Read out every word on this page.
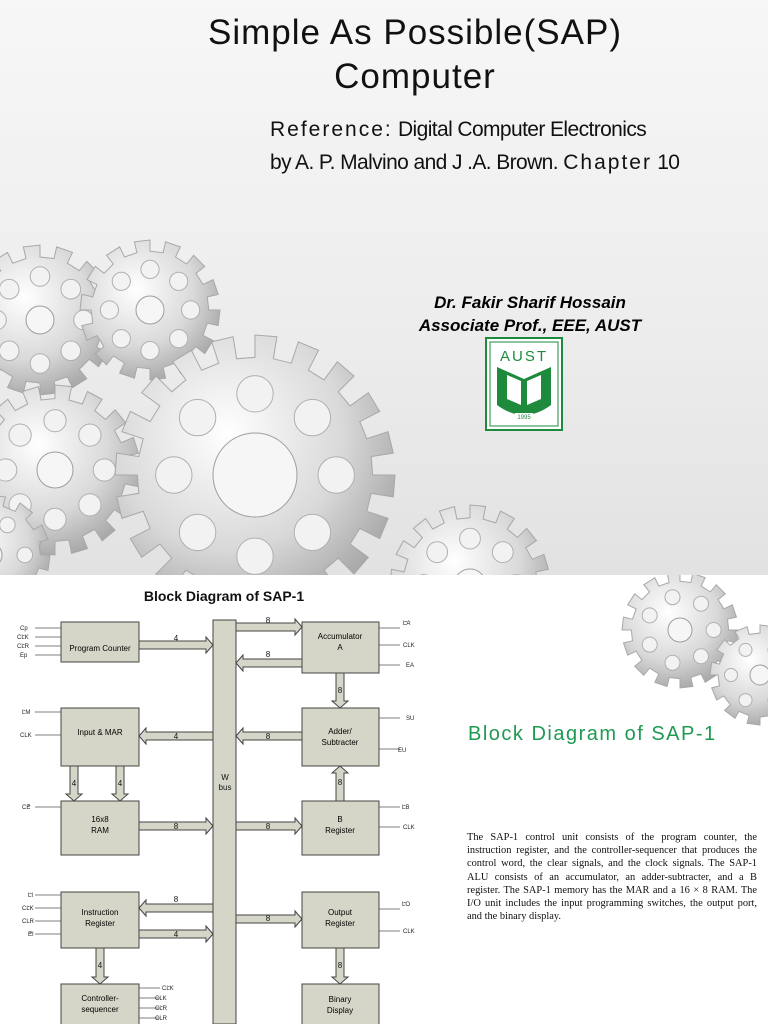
Simple As Possible(SAP)
Computer
Reference: Digital Computer Electronics
by A. P. Malvino and J .A. Brown. Chapter 10
Dr. Fakir Sharif Hossain
Associate Prof., EEE, AUST
AUST
1995
Block Diagram of SAP-1
W
bus
Program Counter
Input & MAR
16x8
RAM
Instruction
Register
Controller-
sequencer
Accumulator
A
Adder/
Subtracter
B
Register
Output
Register
Binary
Display
4
8
8
8
4	8
4	4	8
8	8
8
4
8
4	8
Cp
CLK
CLR
Ep
LM
CLK
CE
LI
CLK
CLR
EI
CLK
CLK
CLR
CLR
LA
CLK
EA
SU
EU
LB
CLK
LO
CLK
Block Diagram of SAP-1
The SAP-1 control unit consists of the program counter, the instruction register, and the controller-sequencer that produces the control word, the clear signals, and the clock signals. The SAP-1 ALU consists of an accumulator, an adder-subtracter, and a B register. The SAP-1 memory has the MAR and a 16 × 8 RAM. The I/O unit includes the input programming switches, the output port, and the binary display.
